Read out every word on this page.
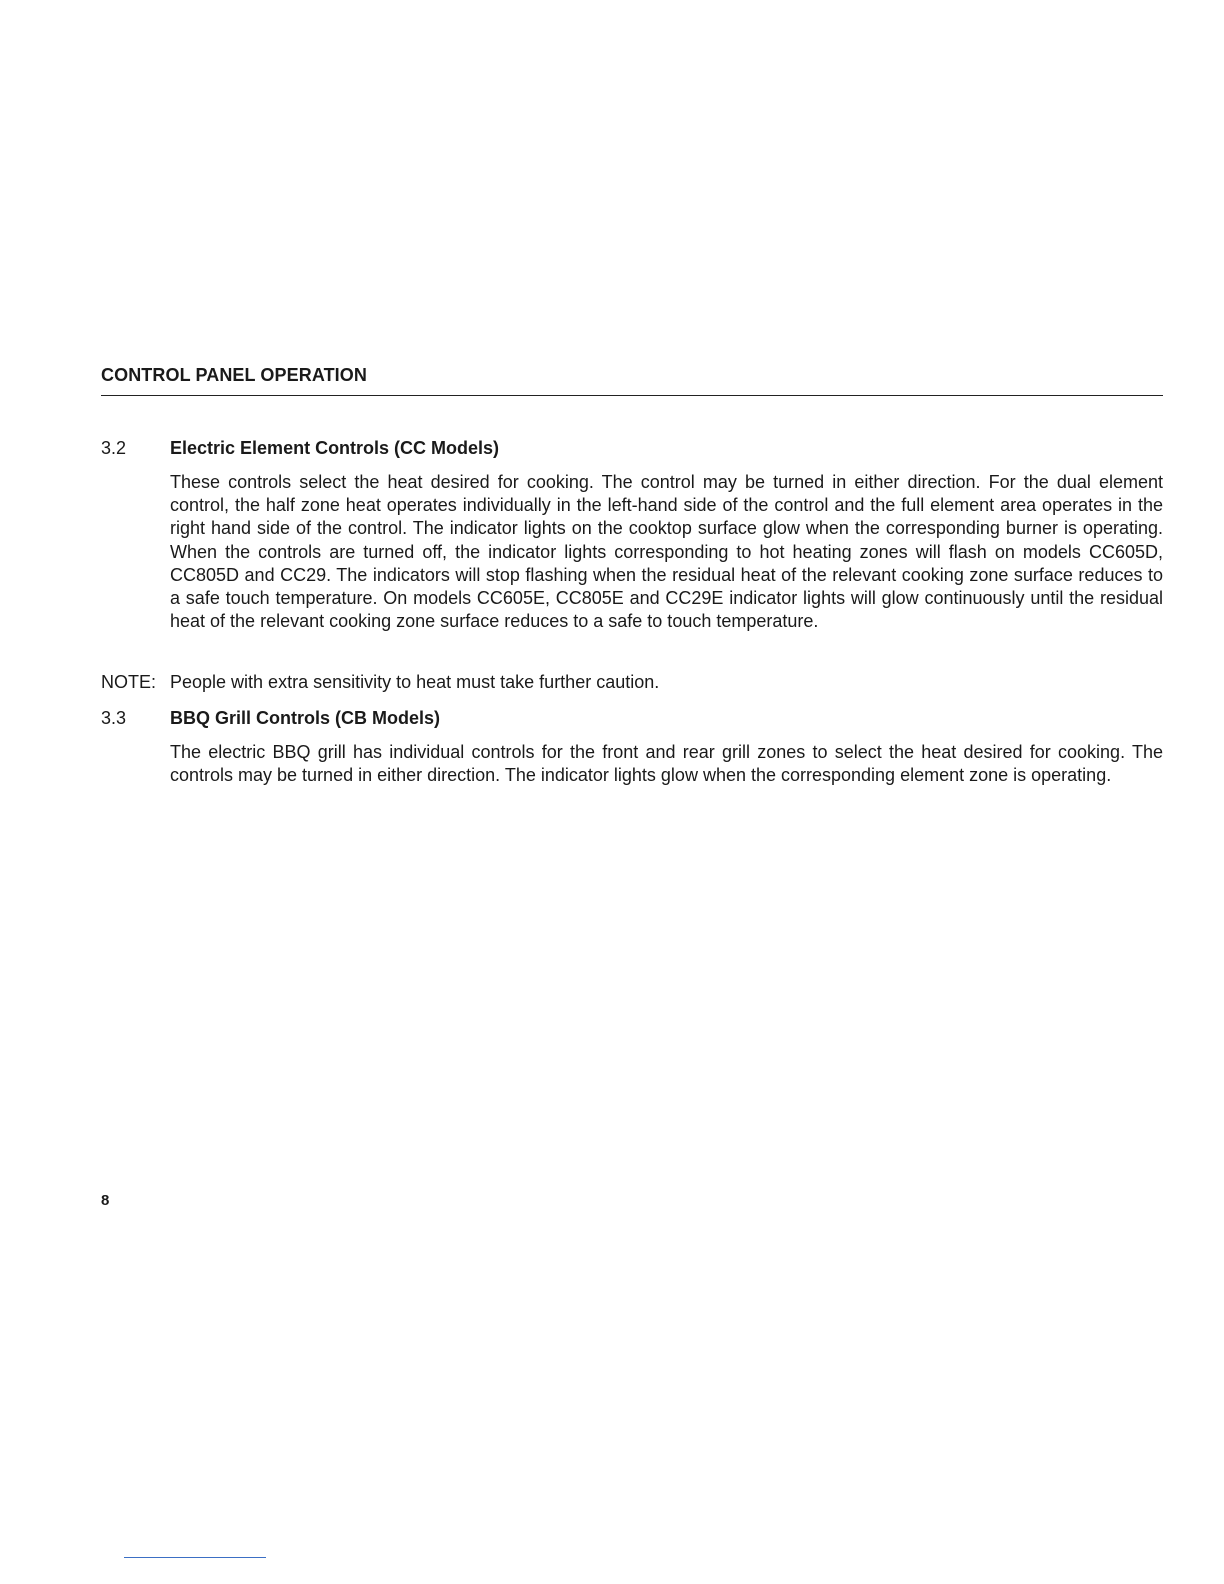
CONTROL PANEL OPERATION
3.2 Electric Element Controls (CC Models)

These controls select the heat desired for cooking. The control may be turned in either direction. For the dual element control, the half zone heat operates individually in the left-hand side of the control and the full element area operates in the right hand side of the control. The indicator lights on the cooktop surface glow when the corresponding burner is operating. When the controls are turned off, the indicator lights corresponding to hot heating zones will flash on models CC605D, CC805D and CC29. The indicators will stop flashing when the residual heat of the relevant cooking zone surface reduces to a safe touch temperature. On models CC605E, CC805E and CC29E indicator lights will glow continuously until the residual heat of the relevant cooking zone surface reduces to a safe to touch temperature.

NOTE: People with extra sensitivity to heat must take further caution.
3.3 BBQ Grill Controls (CB Models)

The electric BBQ grill has individual controls for the front and rear grill zones to select the heat desired for cooking. The controls may be turned in either direction. The indicator lights glow when the corresponding element zone is operating.

8
